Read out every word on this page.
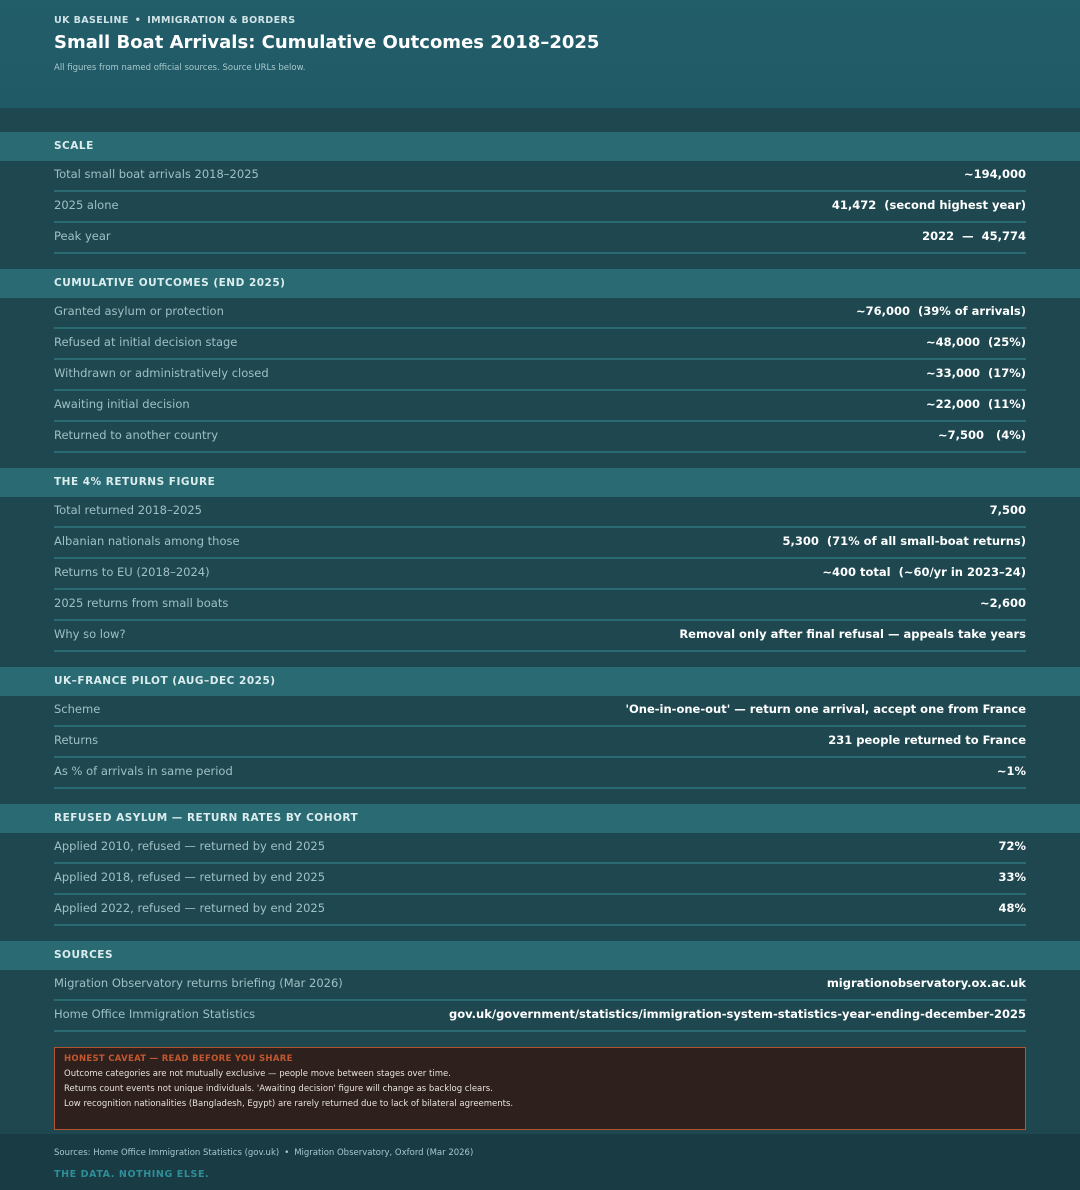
UK BASELINE • IMMIGRATION & BORDERS
Small Boat Arrivals: Cumulative Outcomes 2018–2025
All figures from named official sources. Source URLs below.
SCALE
Total small boat arrivals 2018–2025	~194,000
2025 alone	41,472  (second highest year)
Peak year	2022  —  45,774
CUMULATIVE OUTCOMES (END 2025)
Granted asylum or protection	~76,000  (39% of arrivals)
Refused at initial decision stage	~48,000  (25%)
Withdrawn or administratively closed	~33,000  (17%)
Awaiting initial decision	~22,000  (11%)
Returned to another country	~7,500   (4%)
THE 4% RETURNS FIGURE
Total returned 2018–2025	7,500
Albanian nationals among those	5,300  (71% of all small-boat returns)
Returns to EU (2018–2024)	~400 total  (~60/yr in 2023–24)
2025 returns from small boats	~2,600
Why so low?	Removal only after final refusal — appeals take years
UK–FRANCE PILOT (AUG–DEC 2025)
Scheme	'One-in-one-out' — return one arrival, accept one from France
Returns	231 people returned to France
As % of arrivals in same period	~1%
REFUSED ASYLUM — RETURN RATES BY COHORT
Applied 2010, refused — returned by end 2025	72%
Applied 2018, refused — returned by end 2025	33%
Applied 2022, refused — returned by end 2025	48%
SOURCES
Migration Observatory returns briefing (Mar 2026)	migrationobservatory.ox.ac.uk
Home Office Immigration Statistics	gov.uk/government/statistics/immigration-system-statistics-year-ending-december-2025
HONEST CAVEAT — READ BEFORE YOU SHARE
Outcome categories are not mutually exclusive — people move between stages over time.
Returns count events not unique individuals. 'Awaiting decision' figure will change as backlog clears.
Low recognition nationalities (Bangladesh, Egypt) are rarely returned due to lack of bilateral agreements.
Sources: Home Office Immigration Statistics (gov.uk) • Migration Observatory, Oxford (Mar 2026)
THE DATA. NOTHING ELSE.
